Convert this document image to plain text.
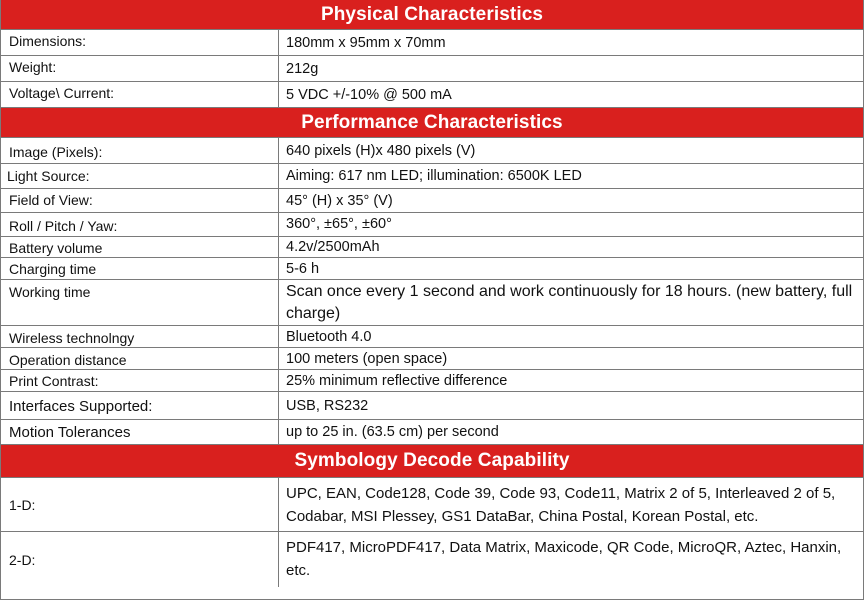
Physical Characteristics
Dimensions:	180mm x 95mm x 70mm
Weight:	212g
Voltage\ Current:	5 VDC +/-10% @ 500 mA
Performance Characteristics
Image (Pixels):	640 pixels (H)x 480 pixels (V)
Light Source:	Aiming: 617 nm LED; illumination: 6500K LED
Field of View:	45° (H) x 35° (V)
Roll / Pitch / Yaw:	360°, ±65°, ±60°
Battery volume	4.2v/2500mAh
Charging time	5-6 h
Working time	Scan once every 1 second and work continuously for 18 hours. (new battery, full charge)
Wireless technolngy	Bluetooth 4.0
Operation distance	100 meters (open space)
Print Contrast:	25% minimum reflective difference
Interfaces Supported:	USB, RS232
Motion Tolerances	up to 25 in. (63.5 cm) per second
Symbology Decode Capability
1-D:
UPC, EAN, Code128, Code 39, Code 93, Code11, Matrix 2 of 5, Interleaved 2 of 5, Codabar, MSI Plessey, GS1 DataBar, China Postal, Korean Postal, etc.
2-D:
PDF417, MicroPDF417, Data Matrix, Maxicode, QR Code, MicroQR, Aztec, Hanxin, etc.
